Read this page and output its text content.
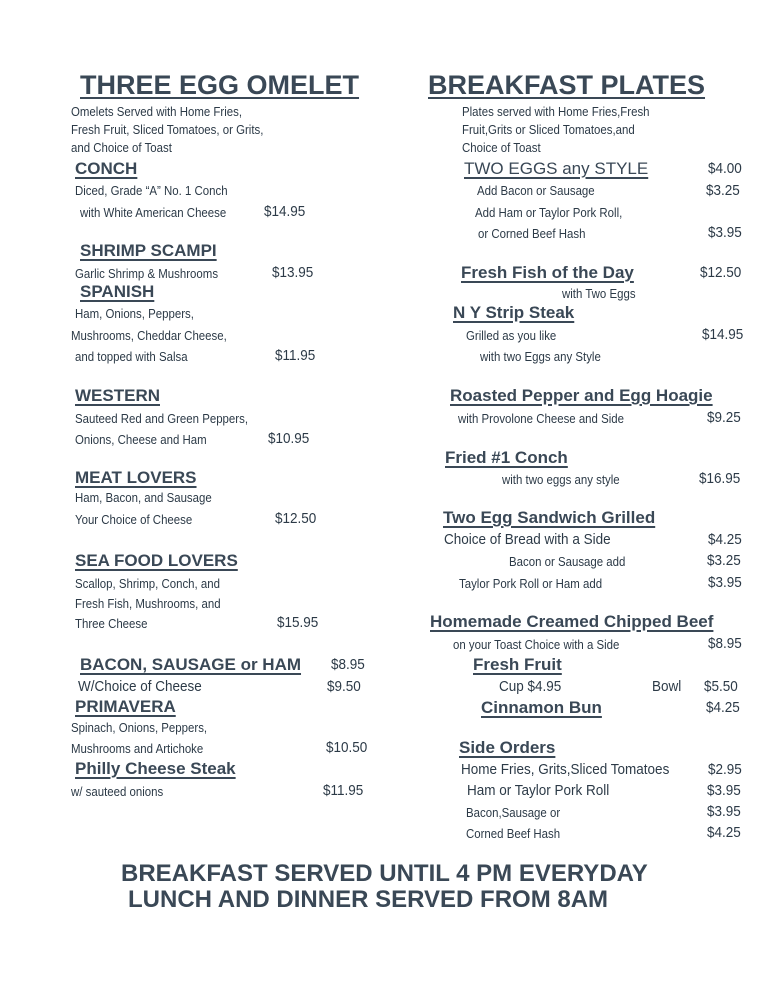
THREE EGG OMELET
Omelets Served with Home Fries,
Fresh Fruit, Sliced Tomatoes, or Grits,
and Choice of Toast
CONCH
Diced, Grade “A” No. 1 Conch
with White American Cheese	$14.95
SHRIMP SCAMPI
Garlic Shrimp & Mushrooms	$13.95
SPANISH
Ham, Onions, Peppers,
Mushrooms, Cheddar Cheese,
and topped with Salsa	$11.95
WESTERN
Sauteed Red and Green Peppers,
Onions, Cheese and Ham	$10.95
MEAT LOVERS
Ham, Bacon, and Sausage
Your Choice of Cheese	$12.50
SEA FOOD LOVERS
Scallop, Shrimp, Conch, and
Fresh Fish, Mushrooms, and
Three Cheese	$15.95
BACON, SAUSAGE or HAM $8.95
W/Choice of Cheese	$9.50
PRIMAVERA
Spinach, Onions, Peppers,
Mushrooms and Artichoke	$10.50
Philly Cheese Steak
w/ sauteed onions	$11.95
BREAKFAST PLATES
Plates served with Home Fries,Fresh
Fruit,Grits or Sliced Tomatoes,and
Choice of Toast
TWO EGGS any STYLE	$4.00
Add Bacon or Sausage	$3.25
Add Ham or Taylor Pork Roll,
or Corned Beef Hash	$3.95
Fresh Fish of the Day	$12.50
with Two Eggs
N Y Strip Steak
Grilled as you like	$14.95
with two Eggs any Style
Roasted Pepper and Egg Hoagie
with Provolone Cheese and Side	$9.25
Fried #1 Conch
with two eggs any style	$16.95
Two Egg Sandwich Grilled
Choice of Bread with a Side	$4.25
Bacon or Sausage add	$3.25
Taylor Pork Roll or Ham add	$3.95
Homemade Creamed Chipped Beef
on your Toast Choice with a Side	$8.95
Fresh Fruit
Cup $4.95	Bowl $5.50
Cinnamon Bun	$4.25
Side Orders
Home Fries, Grits,Sliced Tomatoes	$2.95
Ham or Taylor Pork Roll	$3.95
Bacon,Sausage or	$3.95
Corned Beef Hash	$4.25
BREAKFAST SERVED UNTIL 4 PM EVERYDAY
LUNCH AND DINNER SERVED FROM 8AM
